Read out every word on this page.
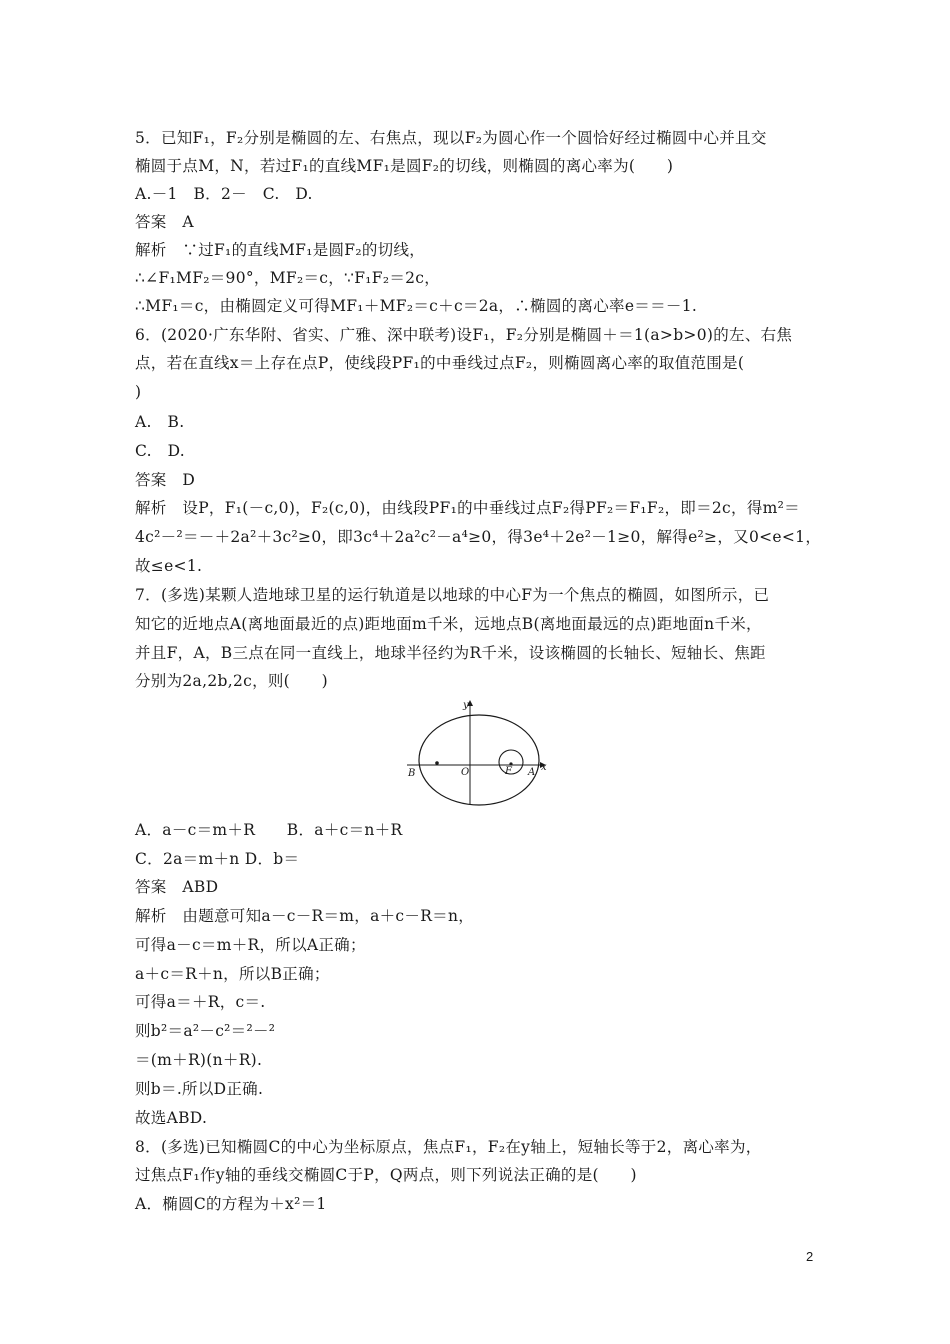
5．已知F₁，F₂分别是椭圆的左、右焦点，现以F₂为圆心作一个圆恰好经过椭圆中心并且交
椭圆于点M，N，若过F₁的直线MF₁是圆F₂的切线，则椭圆的离心率为(　　)
A.－1　B．2－　C.　D.
答案　A
解析　∵过F₁的直线MF₁是圆F₂的切线，
∴∠F₁MF₂＝90°，MF₂＝c，∵F₁F₂＝2c，
∴MF₁＝c，由椭圆定义可得MF₁＋MF₂＝c＋c＝2a，∴椭圆的离心率e＝＝－1.
6．(2020·广东华附、省实、广雅、深中联考)设F₁，F₂分别是椭圆＋＝1(a>b>0)的左、右焦
点，若在直线x＝上存在点P，使线段PF₁的中垂线过点F₂，则椭圆离心率的取值范围是(
)
A.　B.
C.　D.
答案　D
解析　设P，F₁(－c,0)，F₂(c,0)，由线段PF₁的中垂线过点F₂得PF₂＝F₁F₂，即＝2c，得m²＝
4c²－²＝－＋2a²＋3c²≥0，即3c⁴＋2a²c²－a⁴≥0，得3e⁴＋2e²－1≥0，解得e²≥，又0<e<1，
故≤e<1.
7．(多选)某颗人造地球卫星的运行轨道是以地球的中心F为一个焦点的椭圆，如图所示，已
知它的近地点A(离地面最近的点)距地面m千米，远地点B(离地面最远的点)距地面n千米，
并且F，A，B三点在同一直线上，地球半径约为R千米，设该椭圆的长轴长、短轴长、焦距
分别为2a,2b,2c，则(　　)
y
x
O
B	F A
A．a－c＝m＋R　　B．a＋c＝n＋R
C．2a＝m＋n D．b＝
答案　ABD
解析　由题意可知a－c－R＝m，a＋c－R＝n，
可得a－c＝m＋R，所以A正确；
a＋c＝R＋n，所以B正确；
可得a＝＋R，c＝.
则b²＝a²－c²＝²－²
＝(m＋R)(n＋R).
则b＝.所以D正确.
故选ABD.
8．(多选)已知椭圆C的中心为坐标原点，焦点F₁，F₂在y轴上，短轴长等于2，离心率为，
过焦点F₁作y轴的垂线交椭圆C于P，Q两点，则下列说法正确的是(　　)
A．椭圆C的方程为＋x²＝1
2
